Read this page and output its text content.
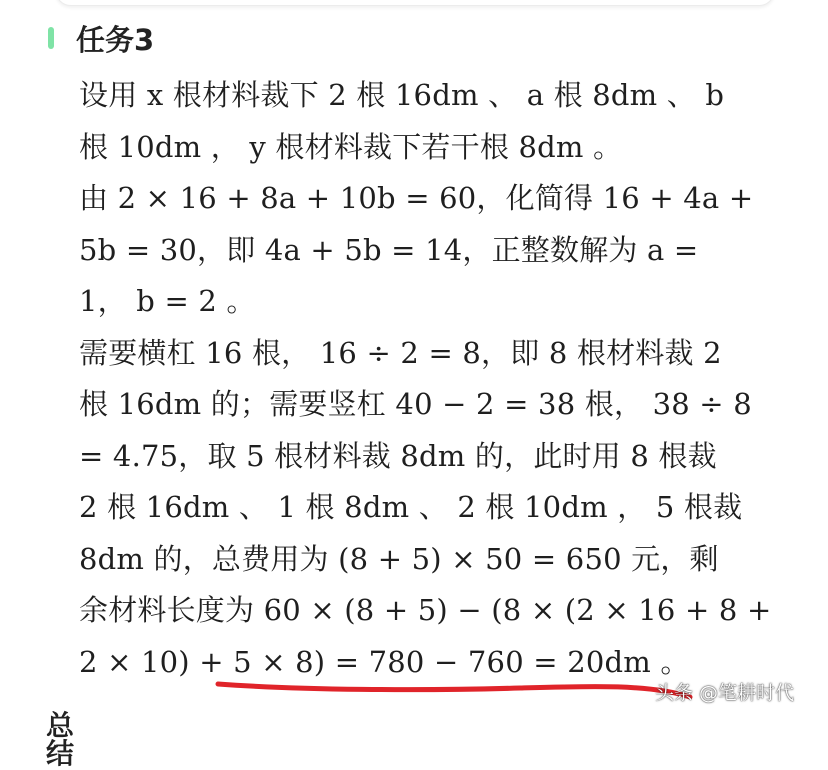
任务3
设用 x 根材料裁下 2 根 16dm 、 a 根 8dm 、 b
根 10dm ， y 根材料裁下若干根 8dm 。
由 2 × 16 + 8a + 10b = 60，化简得 16 + 4a +
5b = 30，即 4a + 5b = 14，正整数解为 a =
1， b = 2 。
需要横杠 16 根， 16 ÷ 2 = 8，即 8 根材料裁 2
根 16dm 的；需要竖杠 40 − 2 = 38 根， 38 ÷ 8
= 4.75，取 5 根材料裁 8dm 的，此时用 8 根裁
2 根 16dm 、 1 根 8dm 、 2 根 10dm ， 5 根裁
8dm 的，总费用为 (8 + 5) × 50 = 650 元，剩
余材料长度为 60 × (8 + 5) − (8 × (2 × 16 + 8 +
2 × 10) + 5 × 8) = 780 − 760 = 20dm 。
头条 @笔耕时代
总结
